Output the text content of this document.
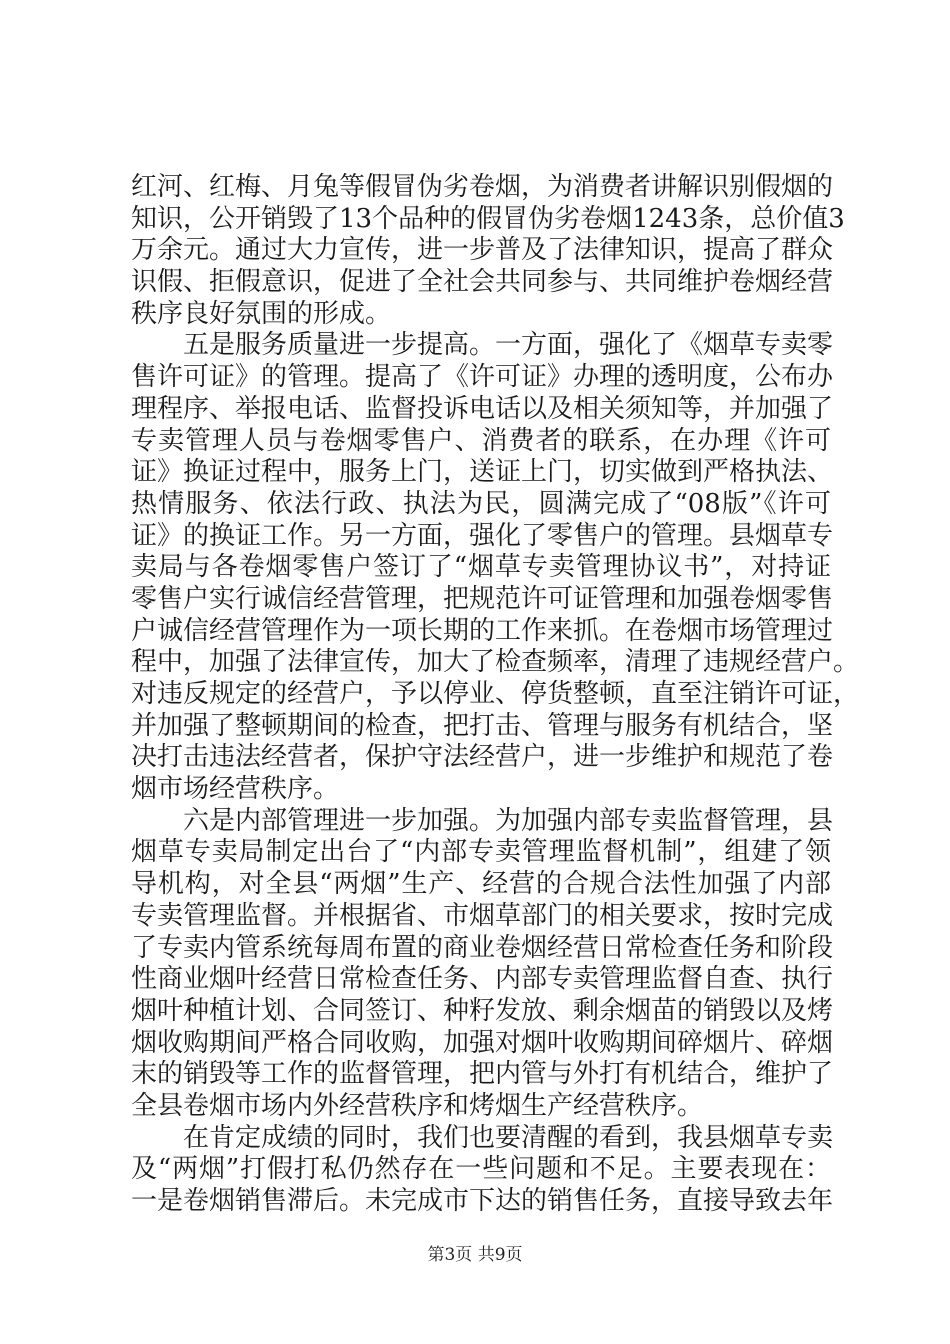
红河、红梅、月兔等假冒伪劣卷烟，为消费者讲解识别假烟的
知识，公开销毁了13个品种的假冒伪劣卷烟1243条，总价值3
万余元。通过大力宣传，进一步普及了法律知识，提高了群众
识假、拒假意识，促进了全社会共同参与、共同维护卷烟经营
秩序良好氛围的形成。
　　五是服务质量进一步提高。一方面，强化了《烟草专卖零
售许可证》的管理。提高了《许可证》办理的透明度，公布办
理程序、举报电话、监督投诉电话以及相关须知等，并加强了
专卖管理人员与卷烟零售户、消费者的联系，在办理《许可
证》换证过程中，服务上门，送证上门，切实做到严格执法、
热情服务、依法行政、执法为民，圆满完成了“08版”《许可
证》的换证工作。另一方面，强化了零售户的管理。县烟草专
卖局与各卷烟零售户签订了“烟草专卖管理协议书”，对持证
零售户实行诚信经营管理，把规范许可证管理和加强卷烟零售
户诚信经营管理作为一项长期的工作来抓。在卷烟市场管理过
程中，加强了法律宣传，加大了检查频率，清理了违规经营户。
对违反规定的经营户，予以停业、停货整顿，直至注销许可证，
并加强了整顿期间的检查，把打击、管理与服务有机结合，坚
决打击违法经营者，保护守法经营户，进一步维护和规范了卷
烟市场经营秩序。
　　六是内部管理进一步加强。为加强内部专卖监督管理，县
烟草专卖局制定出台了“内部专卖管理监督机制”，组建了领
导机构，对全县“两烟”生产、经营的合规合法性加强了内部
专卖管理监督。并根据省、市烟草部门的相关要求，按时完成
了专卖内管系统每周布置的商业卷烟经营日常检查任务和阶段
性商业烟叶经营日常检查任务、内部专卖管理监督自查、执行
烟叶种植计划、合同签订、种籽发放、剩余烟苗的销毁以及烤
烟收购期间严格合同收购，加强对烟叶收购期间碎烟片、碎烟
末的销毁等工作的监督管理，把内管与外打有机结合，维护了
全县卷烟市场内外经营秩序和烤烟生产经营秩序。
　　在肯定成绩的同时，我们也要清醒的看到，我县烟草专卖
及“两烟”打假打私仍然存在一些问题和不足。主要表现在：
一是卷烟销售滞后。未完成市下达的销售任务，直接导致去年
第3页 共9页
